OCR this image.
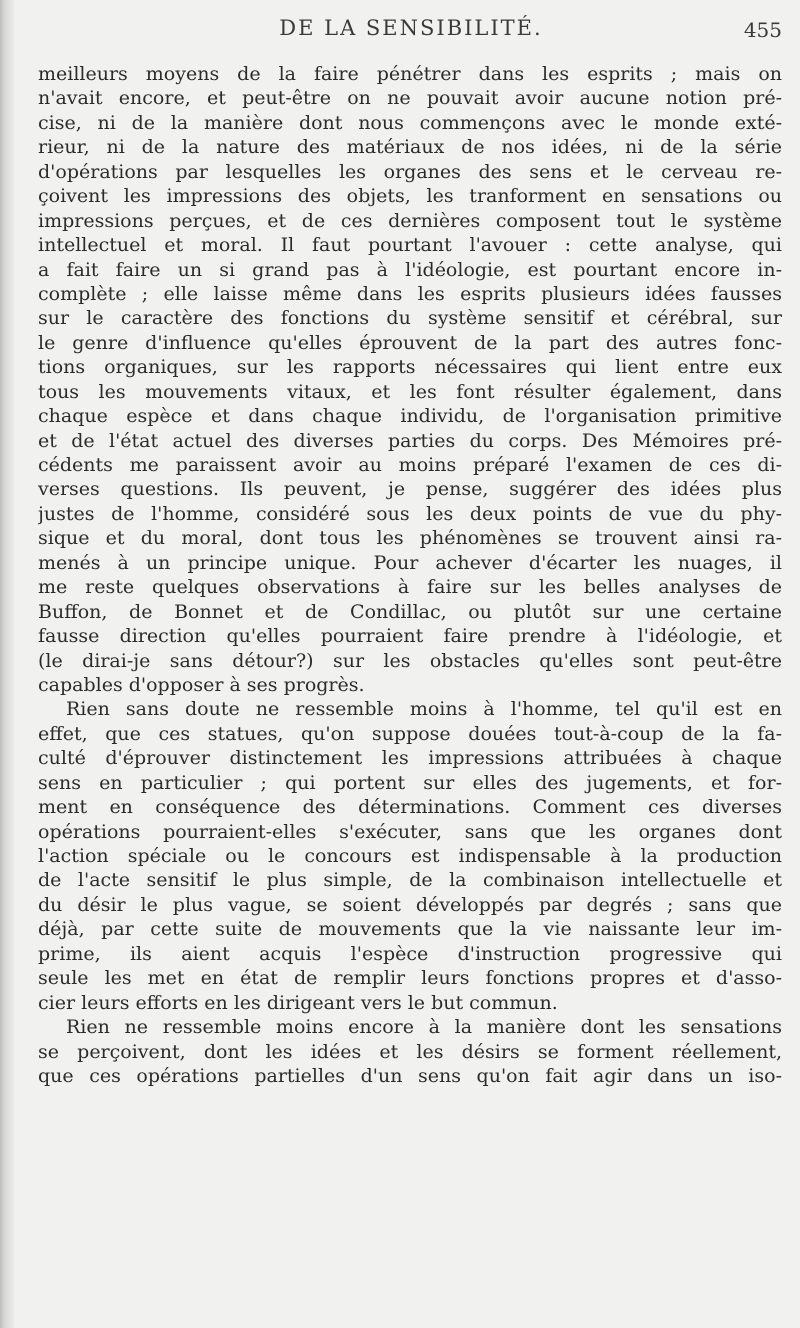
DE LA SENSIBILITÉ.	455
meilleurs moyens de la faire pénétrer dans les esprits ; mais on
n'avait encore, et peut-être on ne pouvait avoir aucune notion pré-
cise, ni de la manière dont nous commençons avec le monde exté-
rieur, ni de la nature des matériaux de nos idées, ni de la série
d'opérations par lesquelles les organes des sens et le cerveau re-
çoivent les impressions des objets, les tranforment en sensations ou
impressions perçues, et de ces dernières composent tout le système
intellectuel et moral. Il faut pourtant l'avouer : cette analyse, qui
a fait faire un si grand pas à l'idéologie, est pourtant encore in-
complète ; elle laisse même dans les esprits plusieurs idées fausses
sur le caractère des fonctions du système sensitif et cérébral, sur
le genre d'influence qu'elles éprouvent de la part des autres fonc-
tions organiques, sur les rapports nécessaires qui lient entre eux
tous les mouvements vitaux, et les font résulter également, dans
chaque espèce et dans chaque individu, de l'organisation primitive
et de l'état actuel des diverses parties du corps. Des Mémoires pré-
cédents me paraissent avoir au moins préparé l'examen de ces di-
verses questions. Ils peuvent, je pense, suggérer des idées plus
justes de l'homme, considéré sous les deux points de vue du phy-
sique et du moral, dont tous les phénomènes se trouvent ainsi ra-
menés à un principe unique. Pour achever d'écarter les nuages, il
me reste quelques observations à faire sur les belles analyses de
Buffon, de Bonnet et de Condillac, ou plutôt sur une certaine
fausse direction qu'elles pourraient faire prendre à l'idéologie, et
(le dirai-je sans détour?) sur les obstacles qu'elles sont peut-être
capables d'opposer à ses progrès.
Rien sans doute ne ressemble moins à l'homme, tel qu'il est en
effet, que ces statues, qu'on suppose douées tout-à-coup de la fa-
culté d'éprouver distinctement les impressions attribuées à chaque
sens en particulier ; qui portent sur elles des jugements, et for-
ment en conséquence des déterminations. Comment ces diverses
opérations pourraient-elles s'exécuter, sans que les organes dont
l'action spéciale ou le concours est indispensable à la production
de l'acte sensitif le plus simple, de la combinaison intellectuelle et
du désir le plus vague, se soient développés par degrés ; sans que
déjà, par cette suite de mouvements que la vie naissante leur im-
prime, ils aient acquis l'espèce d'instruction progressive qui
seule les met en état de remplir leurs fonctions propres et d'asso-
cier leurs efforts en les dirigeant vers le but commun.
Rien ne ressemble moins encore à la manière dont les sensations
se perçoivent, dont les idées et les désirs se forment réellement,
que ces opérations partielles d'un sens qu'on fait agir dans un iso-
